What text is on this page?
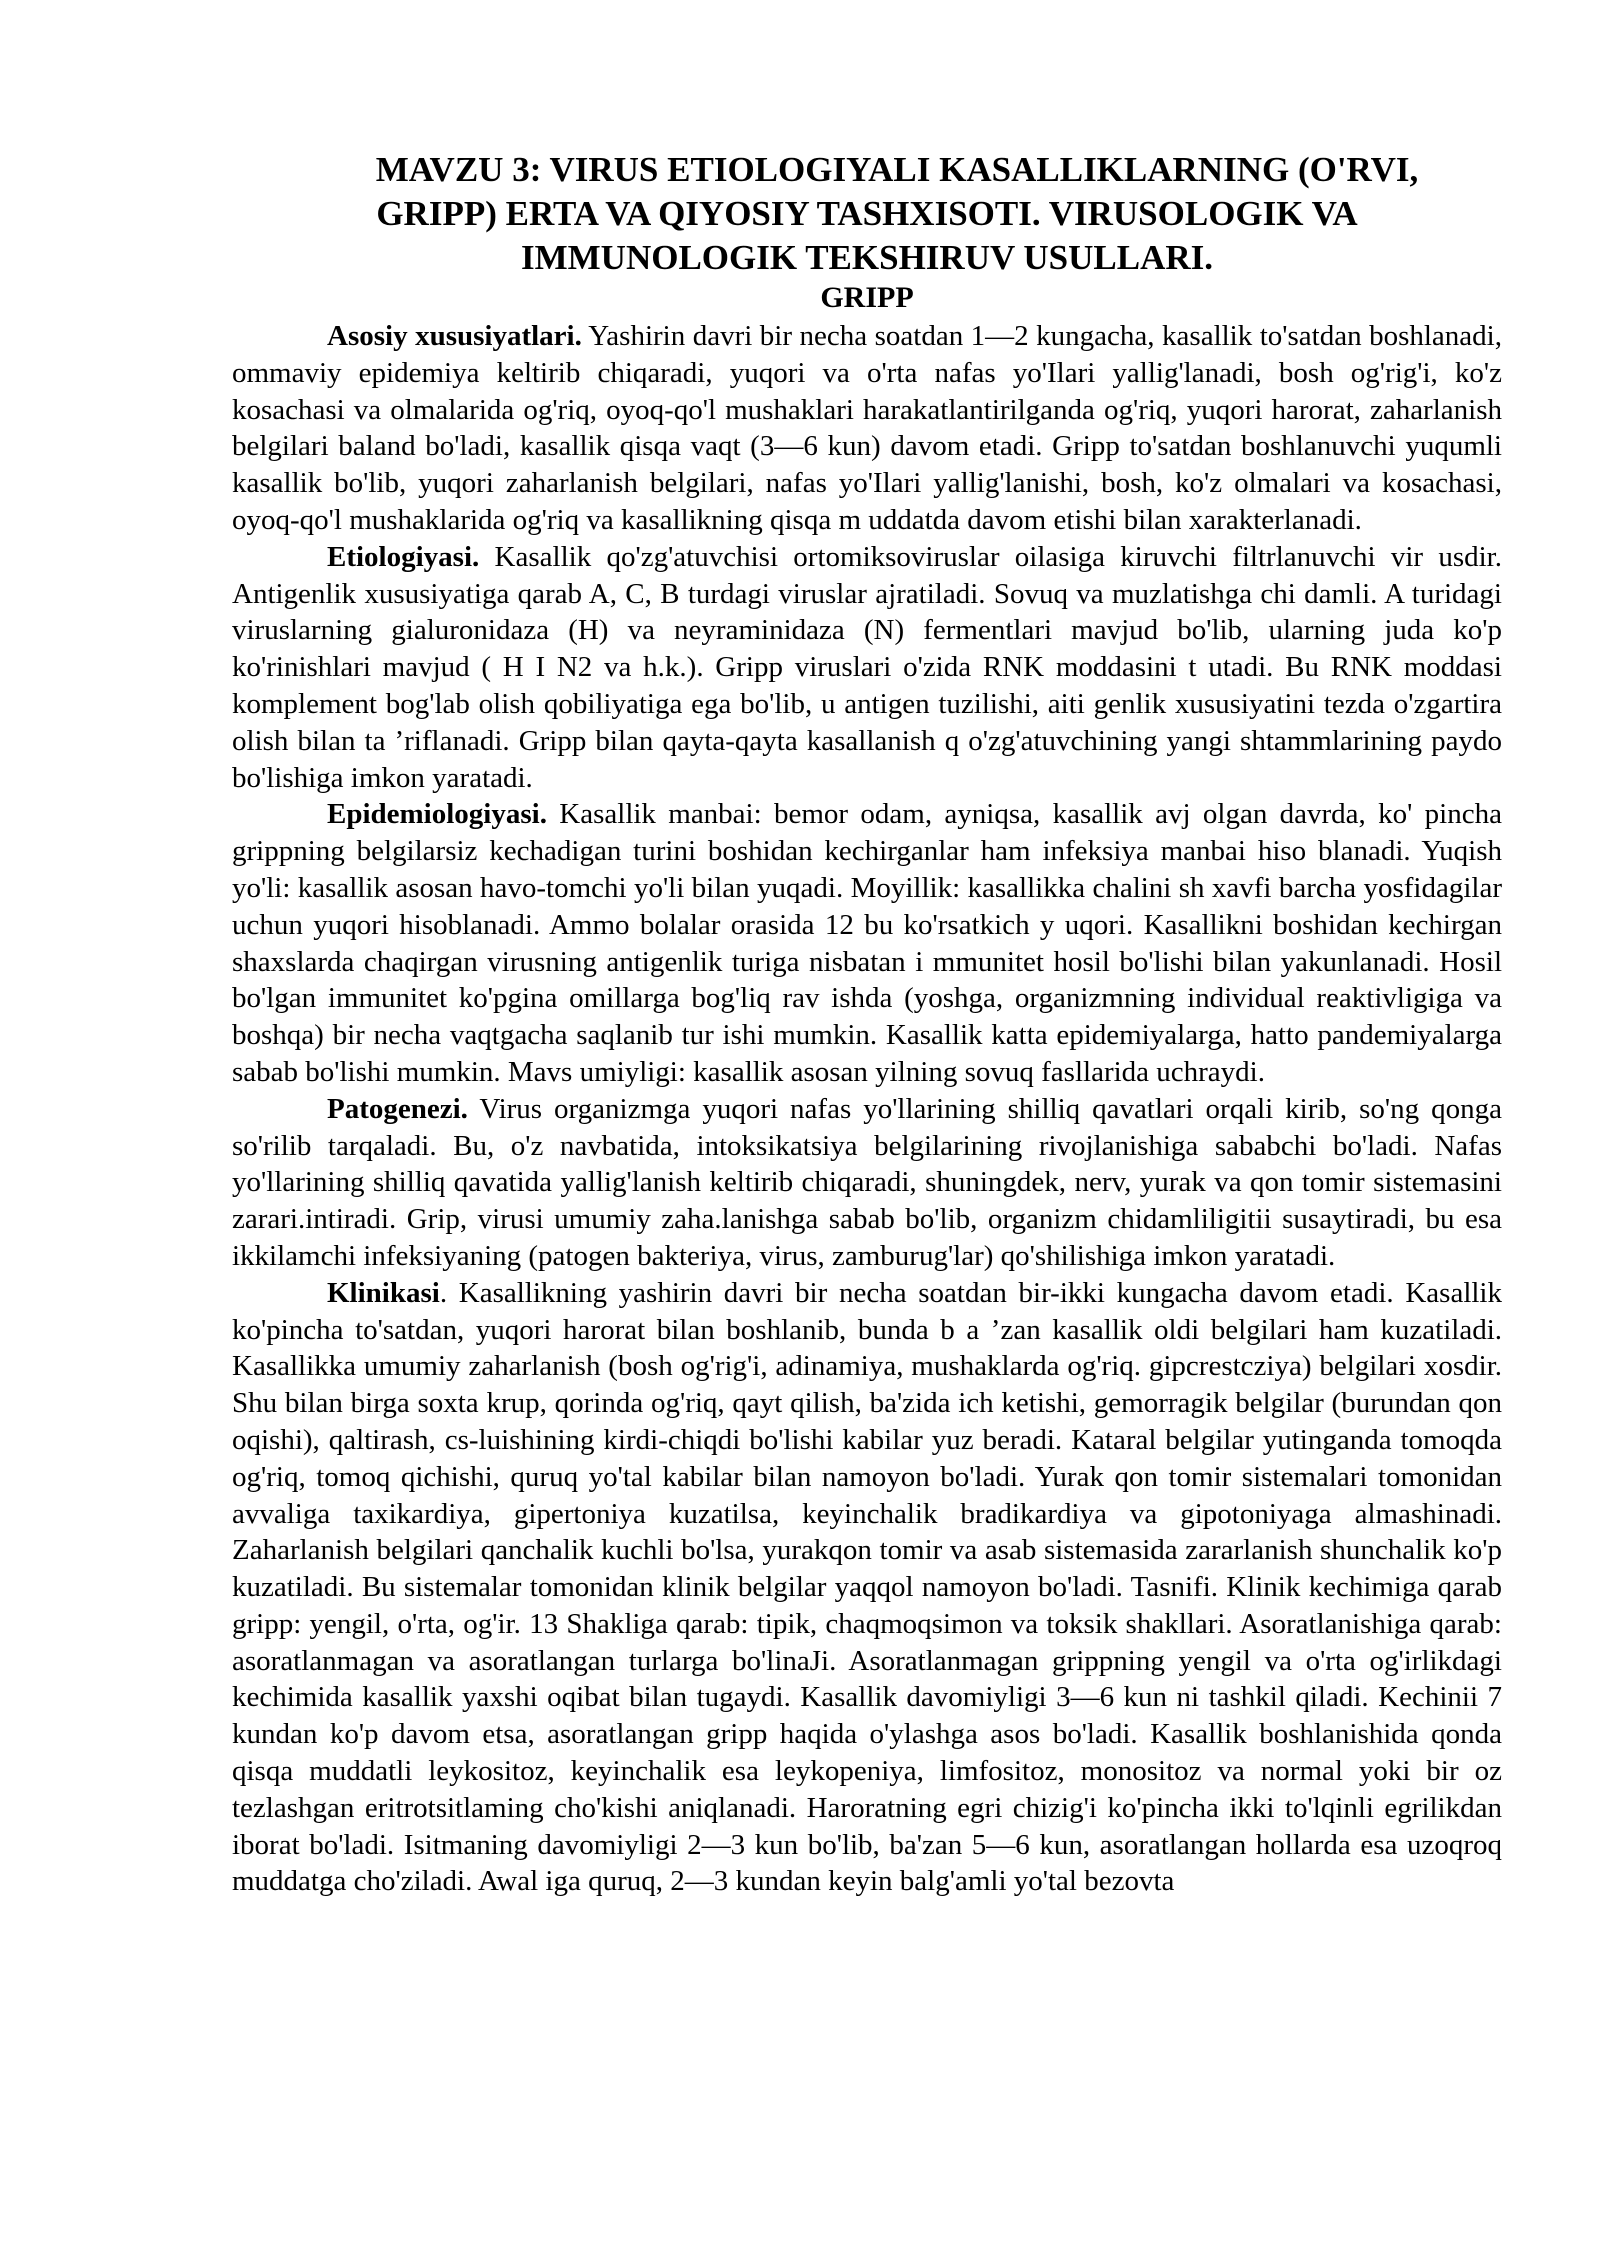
MAVZU 3: VIRUS ETIOLOGIYALI KASALLIKLARNING (O'RVI,
GRIPP) ERTA VA QIYOSIY TASHXISOTI. VIRUSOLOGIK VA
IMMUNOLOGIK TEKSHIRUV USULLARI.
GRIPP

Asosiy xususiyatlari. Yashirin davri bir necha soatdan 1—2 kungacha, kasallik to'satdan boshlanadi, ommaviy epidemiya keltirib chiqaradi, yuqori va o'rta nafas yo'Ilari yallig'lanadi, bosh og'rig'i, ko'z kosachasi va olmalarida og'riq, oyoq-qo'l mushaklari harakatlantirilganda og'riq, yuqori harorat, zaharlanish belgilari baland bo'ladi, kasallik qisqa vaqt (3—6 kun) davom etadi. Gripp to'satdan boshlanuvchi yuqumli kasallik bo'lib, yuqori zaharlanish belgilari, nafas yo'Ilari yallig'lanishi, bosh, ko'z olmalari va kosachasi, oyoq-qo'l mushaklarida og'riq va kasallikning qisqa m uddatda davom etishi bilan xarakterlanadi.

Etiologiyasi. Kasallik qo'zg'atuvchisi ortomiksoviruslar oilasiga kiruvchi filtrlanuvchi vir usdir. Antigenlik xususiyatiga qarab A, C, B turdagi viruslar ajratiladi. Sovuq va muzlatishga chi damli. A turidagi viruslarning gialuronidaza (H) va neyraminidaza (N) fermentlari mavjud bo'lib, ularning juda ko'p ko'rinishlari mavjud ( H I N2 va h.k.). Gripp viruslari o'zida RNK moddasini t utadi. Bu RNK moddasi komplement bog'lab olish qobiliyatiga ega bo'lib, u antigen tuzilishi, aiti genlik xususiyatini tezda o'zgartira olish bilan ta ’riflanadi. Gripp bilan qayta-qayta kasallanish q o'zg'atuvchining yangi shtammlarining paydo bo'lishiga imkon yaratadi.

Epidemiologiyasi. Kasallik manbai: bemor odam, ayniqsa, kasallik avj olgan davrda, ko' pincha grippning belgilarsiz kechadigan turini boshidan kechirganlar ham infeksiya manbai hiso blanadi. Yuqish yo'li: kasallik asosan havo-tomchi yo'li bilan yuqadi. Moyillik: kasallikka chalini sh xavfi barcha yosfidagilar uchun yuqori hisoblanadi. Ammo bolalar orasida 12 bu ko'rsatkich y uqori. Kasallikni boshidan kechirgan shaxslarda chaqirgan virusning antigenlik turiga nisbatan i mmunitet hosil bo'lishi bilan yakunlanadi. Hosil bo'lgan immunitet ko'pgina omillarga bog'liq rav ishda (yoshga, organizmning individual reaktivligiga va boshqa) bir necha vaqtgacha saqlanib tur ishi mumkin. Kasallik katta epidemiyalarga, hatto pandemiyalarga sabab bo'lishi mumkin. Mavs umiyligi: kasallik asosan yilning sovuq fasllarida uchraydi.

Patogenezi. Virus organizmga yuqori nafas yo'llarining shilliq qavatlari orqali kirib, so'ng qonga so'rilib tarqaladi. Bu, o'z navbatida, intoksikatsiya belgilarining rivojlanishiga sababchi bo'ladi. Nafas yo'llarining shilliq qavatida yallig'lanish keltirib chiqaradi, shuningdek, nerv, yurak va qon tomir sistemasini zarari.intiradi. Grip, virusi umumiy zaha.lanishga sabab bo'lib, organizm chidamliligitii susaytiradi, bu esa ikkilamchi infeksiyaning (patogen bakteriya, virus, zamburug'lar) qo'shilishiga imkon yaratadi.

Klinikasi. Kasallikning yashirin davri bir necha soatdan bir-ikki kungacha davom etadi. Kasallik ko'pincha to'satdan, yuqori harorat bilan boshlanib, bunda b a ’zan kasallik oldi belgilari ham kuzatiladi. Kasallikka umumiy zaharlanish (bosh og'rig'i, adinamiya, mushaklarda og'riq. gipcrestcziya) belgilari xosdir. Shu bilan birga soxta krup, qorinda og'riq, qayt qilish, ba'zida ich ketishi, gemorragik belgilar (burundan qon oqishi), qaltirash, cs-luishining kirdi-chiqdi bo'lishi kabilar yuz beradi. Kataral belgilar yutinganda tomoqda og'riq, tomoq qichishi, quruq yo'tal kabilar bilan namoyon bo'ladi. Yurak qon tomir sistemalari tomonidan avvaliga taxikardiya, gipertoniya kuzatilsa, keyinchalik bradikardiya va gipotoniyaga almashinadi. Zaharlanish belgilari qanchalik kuchli bo'lsa, yurakqon tomir va asab sistemasida zararlanish shunchalik ko'p kuzatiladi. Bu sistemalar tomonidan klinik belgilar yaqqol namoyon bo'ladi. Tasnifi. Klinik kechimiga qarab gripp: yengil, o'rta, og'ir. 13 Shakliga qarab: tipik, chaqmoqsimon va toksik shakllari. Asoratlanishiga qarab: asoratlanmagan va asoratlangan turlarga bo'linaJi. Asoratlanmagan grippning yengil va o'rta og'irlikdagi kechimida kasallik yaxshi oqibat bilan tugaydi. Kasallik davomiyligi 3—6 kun ni tashkil qiladi. Kechinii 7 kundan ko'p davom etsa, asoratlangan gripp haqida o'ylashga asos bo'ladi. Kasallik boshlanishida qonda qisqa muddatli leykositoz, keyinchalik esa leykopeniya, limfositoz, monositoz va normal yoki bir oz tezlashgan eritrotsitlaming cho'kishi aniqlanadi. Haroratning egri chizig'i ko'pincha ikki to'lqinli egrilikdan iborat bo'ladi. Isitmaning davomiyligi 2—3 kun bo'lib, ba'zan 5—6 kun, asoratlangan hollarda esa uzoqroq muddatga cho'ziladi. Awal iga quruq, 2—3 kundan keyin balg'amli yo'tal bezovta
